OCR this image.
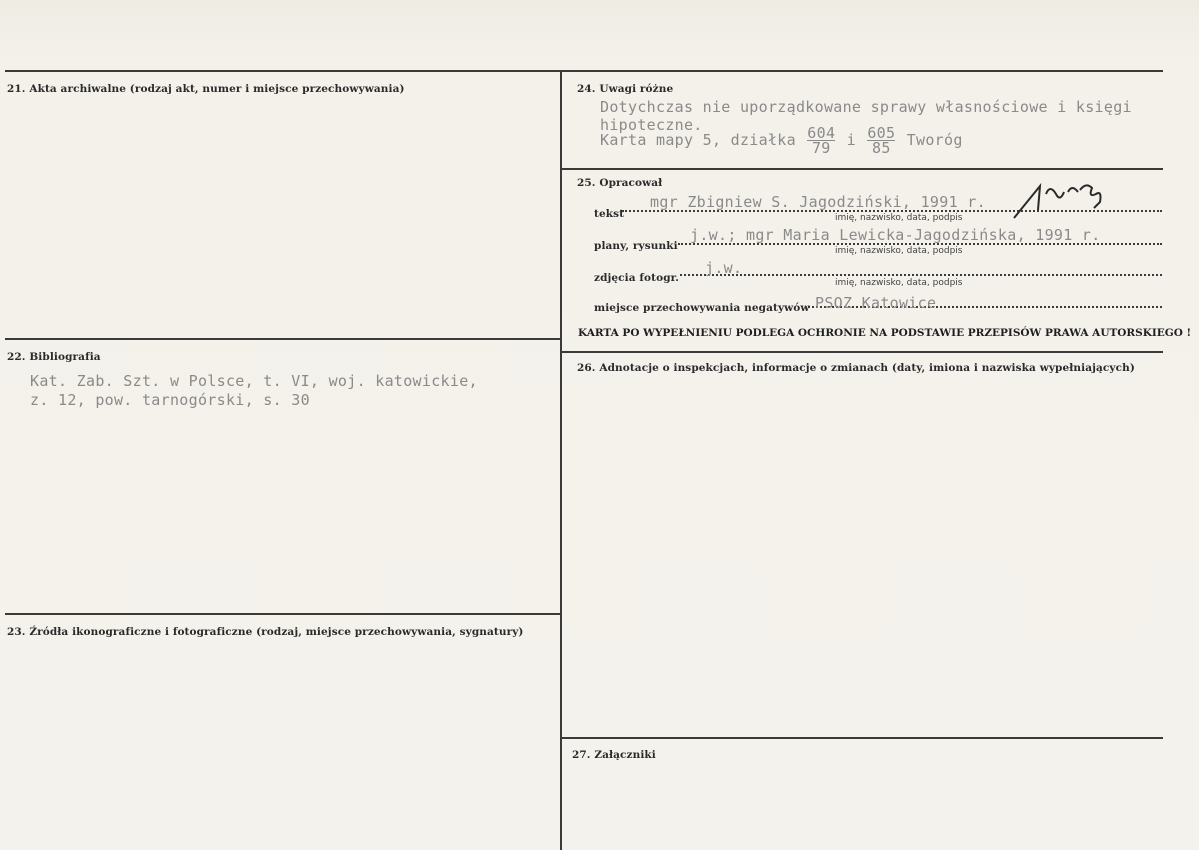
21. Akta archiwalne (rodzaj akt, numer i miejsce przechowywania)
22. Bibliografia
Kat. Zab. Szt. w Polsce, t. VI, woj. katowickie,
z. 12, pow. tarnogórski, s. 30
23. Źródła ikonograficzne i fotograficzne (rodzaj, miejsce przechowywania, sygnatury)
24. Uwagi różne
Dotychczas nie uporządkowane sprawy własnościowe i księgi
hipoteczne.
Karta mapy 5, działka $\frac{604}{79}$ i $\frac{605}{85}$ Tworóg
25. Opracował
tekst
mgr Zbigniew S. Jagodziński, 1991 r.
imię, nazwisko, data, podpis
plany, rysunki
j.w.; mgr Maria Lewicka-Jagodzińska, 1991 r.
imię, nazwisko, data, podpis
zdjęcia fotogr.
j.w.
imię, nazwisko, data, podpis
miejsce przechowywania negatywów PSOZ Katowice
KARTA PO WYPEŁNIENIU PODLEGA OCHRONIE NA PODSTAWIE PRZEPISÓW PRAWA AUTORSKIEGO !
26. Adnotacje o inspekcjach, informacje o zmianach (daty, imiona i nazwiska wypełniających)
27. Załączniki
